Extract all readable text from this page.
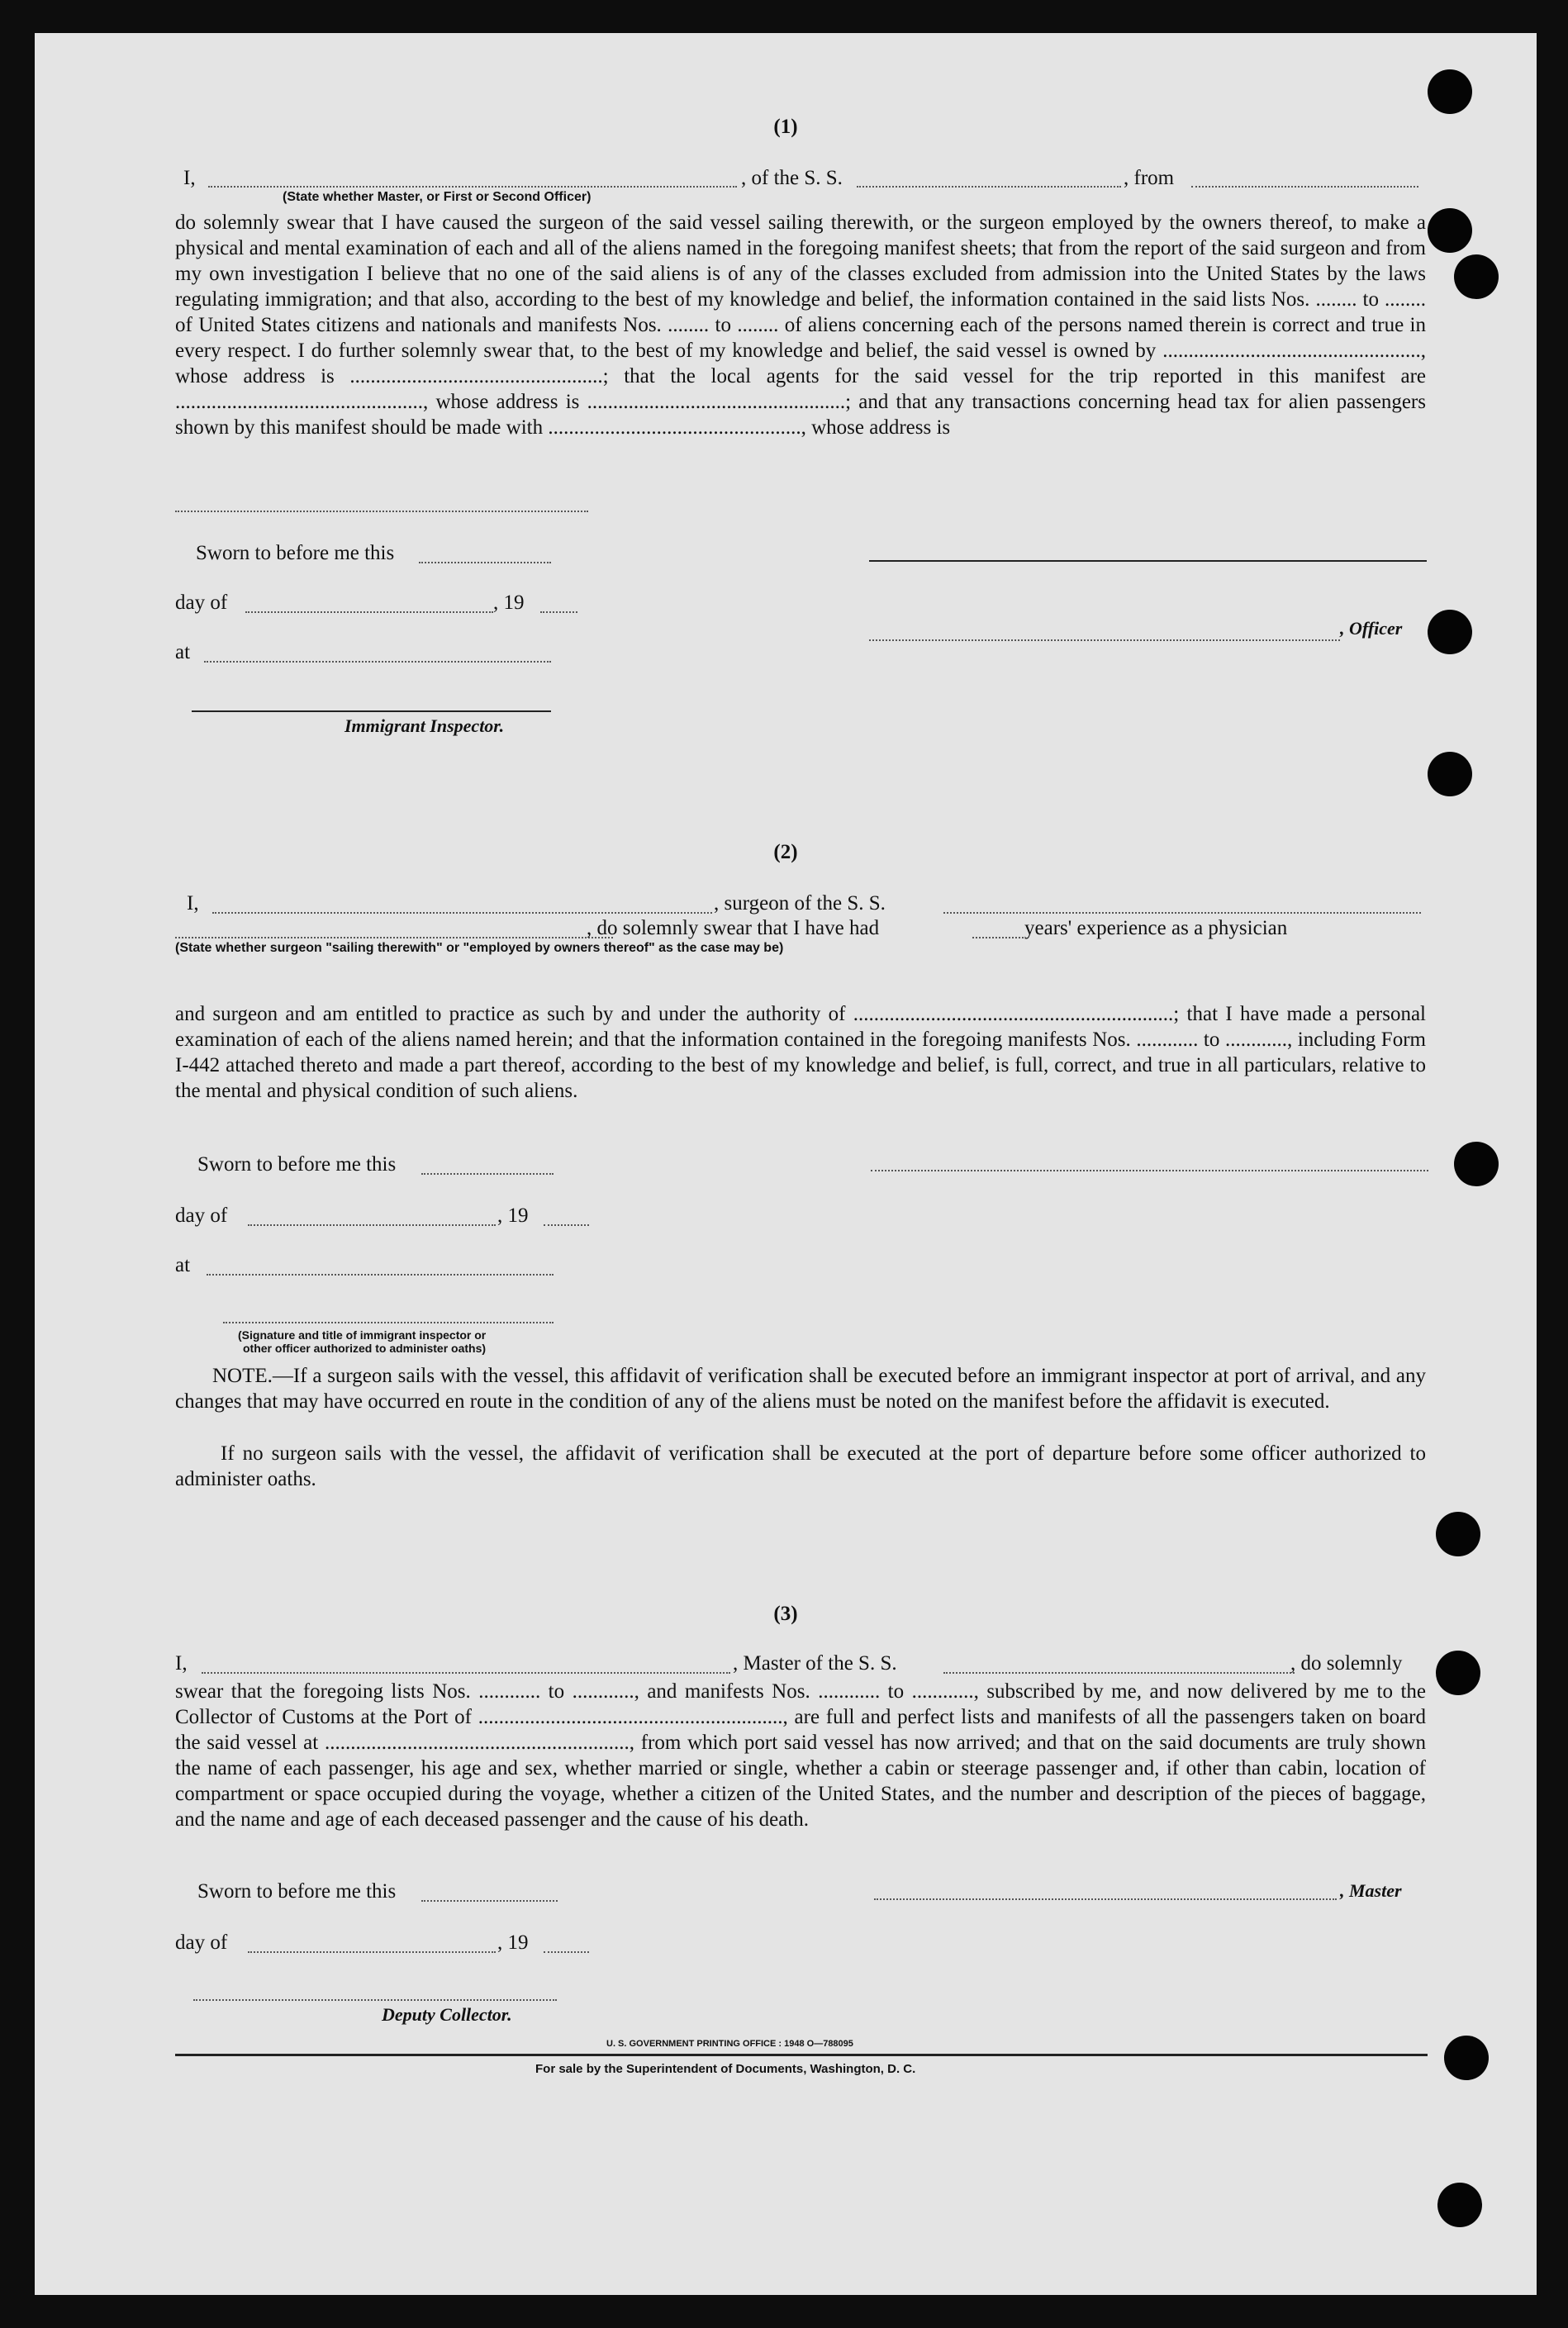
(1)
I,
(State whether Master, or First or Second Officer)
, of the S. S.	, from

do solemnly swear that I have caused the surgeon of the said vessel sailing therewith, or the surgeon employed by the owners thereof, to make a physical and mental examination of each and all of the aliens named in the foregoing manifest sheets; that from the report of the said surgeon and from my own investigation I believe that no one of the said aliens is of any of the classes excluded from admission into the United States by the laws regulating immigration; and that also, according to the best of my knowledge and belief, the information contained in the said lists Nos. ........ to ........ of United States citizens and nationals and manifests Nos. ........ to ........ of aliens concerning each of the persons named therein is correct and true in every respect. I do further solemnly swear that, to the best of my knowledge and belief, the said vessel is owned by .................................................., whose address is .................................................; that the local agents for the said vessel for the trip reported in this manifest are ................................................, whose address is ..................................................; and that any transactions concerning head tax for alien passengers shown by this manifest should be made with ................................................., whose address is

Sworn to before me this
day of	, 19
at
, Officer
Immigrant Inspector.
(2)
I,	, surgeon of the S. S.
, do solemnly swear that I have had	years' experience as a physician
(State whether surgeon "sailing therewith" or "employed by owners thereof" as the case may be)

and surgeon and am entitled to practice as such by and under the authority of ..............................................................; that I have made a personal examination of each of the aliens named herein; and that the information contained in the foregoing manifests Nos. ............ to ............, including Form I-442 attached thereto and made a part thereof, according to the best of my knowledge and belief, is full, correct, and true in all particulars, relative to the mental and physical condition of such aliens.

Sworn to before me this
day of	, 19
at
(Signature and title of immigrant inspector or
other officer authorized to administer oaths)

NOTE.—If a surgeon sails with the vessel, this affidavit of verification shall be executed before an immigrant inspector at port of arrival, and any changes that may have occurred en route in the condition of any of the aliens must be noted on the manifest before the affidavit is executed.

If no surgeon sails with the vessel, the affidavit of verification shall be executed at the port of departure before some officer authorized to administer oaths.

(3)
I,	, Master of the S. S.	, do solemnly

swear that the foregoing lists Nos. ............ to ............, and manifests Nos. ............ to ............, subscribed by me, and now delivered by me to the Collector of Customs at the Port of ..........................................................., are full and perfect lists and manifests of all the passengers taken on board the said vessel at ..........................................................., from which port said vessel has now arrived; and that on the said documents are truly shown the name of each passenger, his age and sex, whether married or single, whether a cabin or steerage passenger and, if other than cabin, location of compartment or space occupied during the voyage, whether a citizen of the United States, and the number and description of the pieces of baggage, and the name and age of each deceased passenger and the cause of his death.

Sworn to before me this	, Master
day of	, 19
Deputy Collector.
U. S. GOVERNMENT PRINTING OFFICE : 1948 O—788095
For sale by the Superintendent of Documents, Washington, D. C.
